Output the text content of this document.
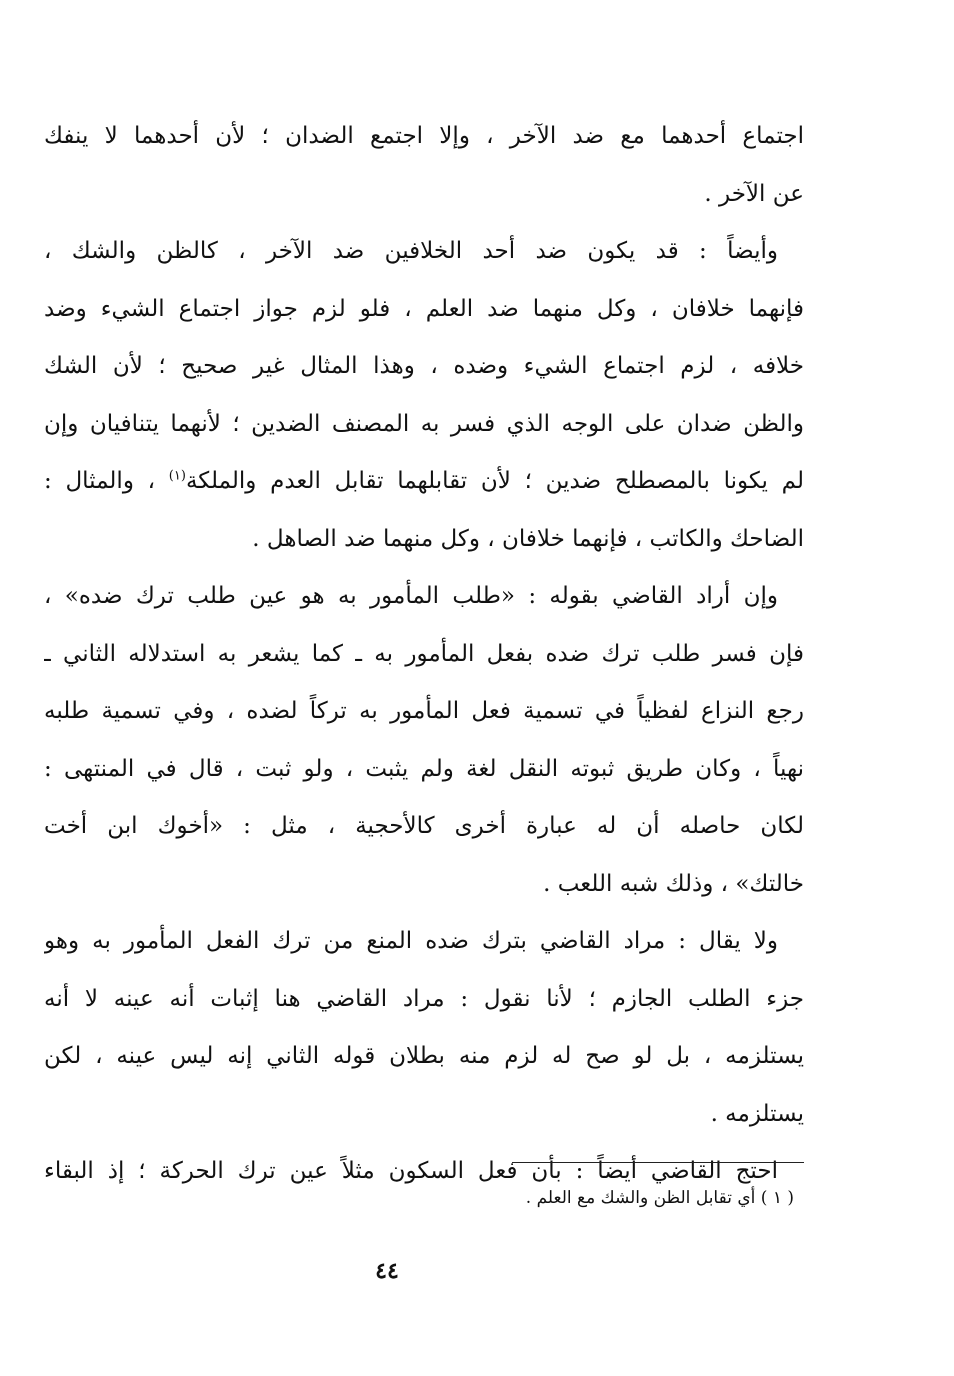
اجتماع أحدهما مع ضد الآخر ، وإلا اجتمع الضدان ؛ لأن أحدهما لا ينفك
عن الآخر .
وأيضاً : قد يكون ضد أحد الخلافين ضد الآخر ، كالظن والشك ،
فإنهما خلافان ، وكل منهما ضد العلم ، فلو لزم جواز اجتماع الشيء وضد
خلافه ، لزم اجتماع الشيء وضده ، وهذا المثال غير صحيح ؛ لأن الشك
والظن ضدان على الوجه الذي فسر به المصنف الضدين ؛ لأنهما يتنافيان وإن
لم يكونا بالمصطلح ضدين ؛ لأن تقابلهما تقابل العدم والملكة$^{(١)}$ ، والمثال :
الضاحك والكاتب ، فإنهما خلافان ، وكل منهما ضد الصاهل .
وإن أراد القاضي بقوله : «طلب المأمور به هو عين طلب ترك ضده» ،
فإن فسر طلب ترك ضده بفعل المأمور به ـ كما يشعر به استدلاله الثاني ـ
رجع النزاع لفظياً في تسمية فعل المأمور به تركاً لضده ، وفي تسمية طلبه
نهياً ، وكان طريق ثبوته النقل لغة ولم يثبت ، ولو ثبت ، قال في المنتهى :
لكان حاصله أن له عبارة أخرى كالأحجية ، مثل : «أخوك ابن أخت
خالتك» ، وذلك شبه اللعب .
ولا يقال : مراد القاضي بترك ضده المنع من ترك الفعل المأمور به وهو
جزء الطلب الجازم ؛ لأنا نقول : مراد القاضي هنا إثبات أنه عينه لا أنه
يستلزمه ، بل لو صح له لزم منه بطلان قوله الثاني إنه ليس عينه ، لكن
يستلزمه .
احتج القاضي أيضاً : بأن فعل السكون مثلاً عين ترك الحركة ؛ إذ البقاء
( ١ ) أي تقابل الظن والشك مع العلم .
٤٤
